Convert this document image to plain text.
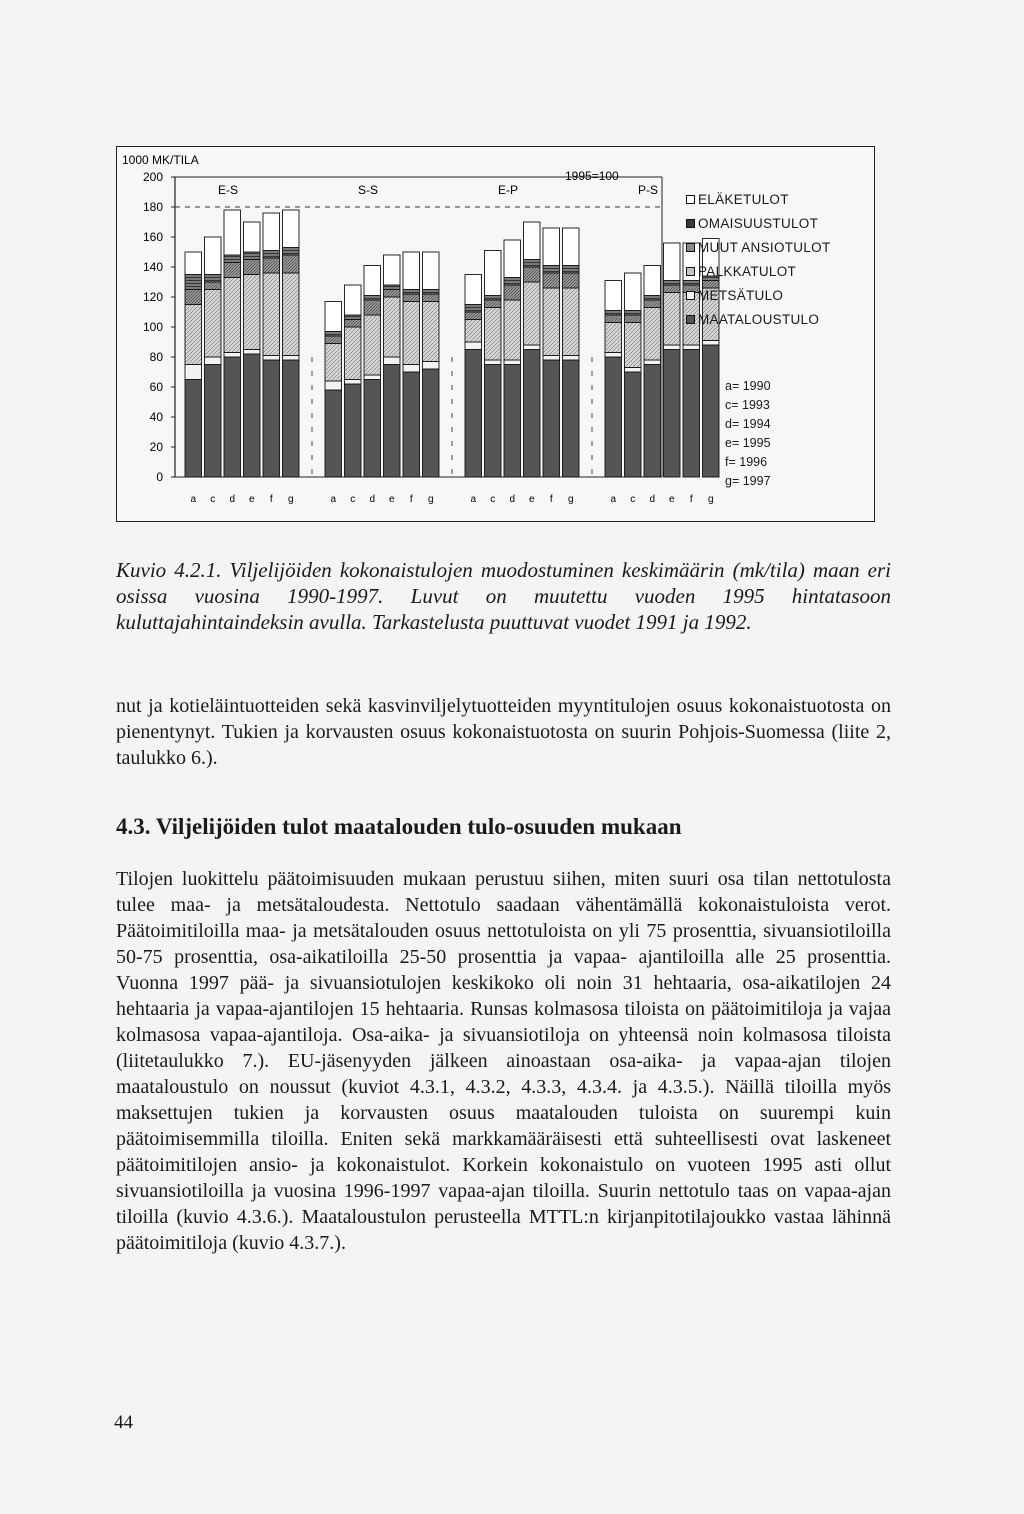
1000 MK/TILA
1995=100
0
20
40
60
80
100
120
140
160
180
200
a c d e f g
E-S
a c d e f g
S-S
a c d e f g
E-P
a c d e f g
P-S
ELÄKETULOT
OMAISUUSTULOT
MUUT ANSIOTULOT
PALKKATULOT
METSÄTULO
MAATALOUSTULO
a= 1990
c= 1993
d= 1994
e= 1995
f= 1996
g= 1997
Kuvio 4.2.1. Viljelijöiden kokonaistulojen muodostuminen keskimäärin (mk/tila) maan eri osissa vuosina 1990-1997. Luvut on muutettu vuoden 1995 hintatasoon kuluttajahintaindeksin avulla. Tarkastelusta puuttuvat vuodet 1991 ja 1992.
nut ja kotieläintuotteiden sekä kasvinviljelytuotteiden myyntitulojen osuus kokonaistuotosta on pienentynyt. Tukien ja korvausten osuus kokonaistuotosta on suurin Pohjois-Suomessa (liite 2, taulukko 6.).
4.3. Viljelijöiden tulot maatalouden tulo-osuuden mukaan
Tilojen luokittelu päätoimisuuden mukaan perustuu siihen, miten suuri osa tilan nettotulosta tulee maa- ja metsätaloudesta. Nettotulo saadaan vähentämällä kokonaistuloista verot. Päätoimitiloilla maa- ja metsätalouden osuus nettotuloista on yli 75 prosenttia, sivuansiotiloilla 50-75 prosenttia, osa-aikatiloilla 25-50 prosenttia ja vapaa- ajantiloilla alle 25 prosenttia. Vuonna 1997 pää- ja sivuansiotulojen keskikoko oli noin 31 hehtaaria, osa-aikatilojen 24 hehtaaria ja vapaa-ajantilojen 15 hehtaaria. Runsas kolmasosa tiloista on päätoimitiloja ja vajaa kolmasosa vapaa-ajantiloja. Osa-aika- ja sivuansiotiloja on yhteensä noin kolmasosa tiloista (liitetaulukko 7.). EU-jäsenyyden jälkeen ainoastaan osa-aika- ja vapaa-ajan tilojen maataloustulo on noussut (kuviot 4.3.1, 4.3.2, 4.3.3, 4.3.4. ja 4.3.5.). Näillä tiloilla myös maksettujen tukien ja korvausten osuus maatalouden tuloista on suurempi kuin päätoimisemmilla tiloilla. Eniten sekä markkamääräisesti että suhteellisesti ovat laskeneet päätoimitilojen ansio- ja kokonaistulot. Korkein kokonaistulo on vuoteen 1995 asti ollut sivuansiotiloilla ja vuosina 1996-1997 vapaa-ajan tiloilla. Suurin nettotulo taas on vapaa-ajan tiloilla (kuvio 4.3.6.). Maataloustulon perusteella MTTL:n kirjanpitotilajoukko vastaa lähinnä päätoimitiloja (kuvio 4.3.7.).
44
